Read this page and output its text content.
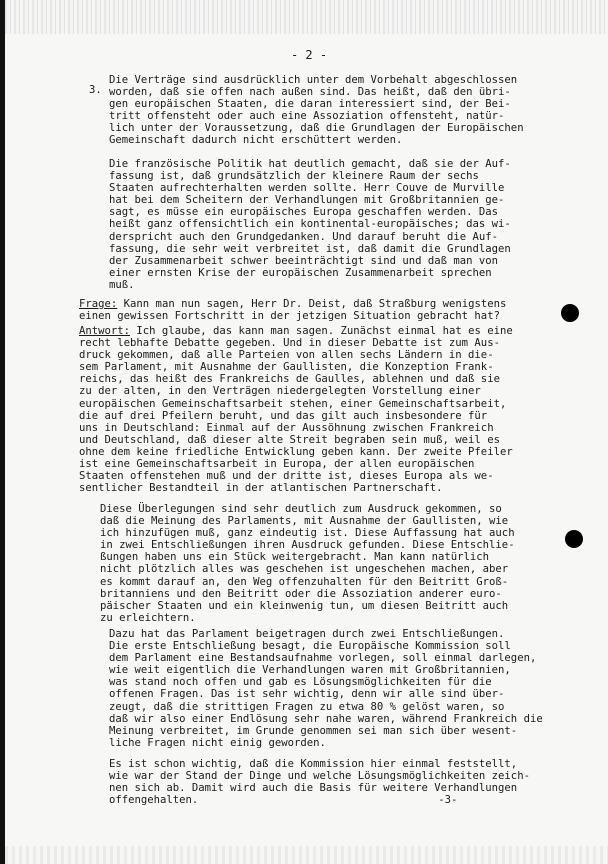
- 2 -
3.
Die Verträge sind ausdrücklich unter dem Vorbehalt abgeschlossen
worden, daß sie offen nach außen sind. Das heißt, daß den übri-
gen europäischen Staaten, die daran interessiert sind, der Bei-
tritt offensteht oder auch eine Assoziation offensteht, natür-
lich unter der Voraussetzung, daß die Grundlagen der Europäischen
Gemeinschaft dadurch nicht erschüttert werden.
Die französische Politik hat deutlich gemacht, daß sie der Auf-
fassung ist, daß grundsätzlich der kleinere Raum der sechs
Staaten aufrechterhalten werden sollte. Herr Couve de Murville
hat bei dem Scheitern der Verhandlungen mit Großbritannien ge-
sagt, es müsse ein europäisches Europa geschaffen werden. Das
heißt ganz offensichtlich ein kontinental-europäisches; das wi-
derspricht auch den Grundgedanken. Und darauf beruht die Auf-
fassung, die sehr weit verbreitet ist, daß damit die Grundlagen
der Zusammenarbeit schwer beeinträchtigt sind und daß man von
einer ernsten Krise der europäischen Zusammenarbeit sprechen
muß.
Frage: Kann man nun sagen, Herr Dr. Deist, daß Straßburg wenigstens
einen gewissen Fortschritt in der jetzigen Situation gebracht hat?
Antwort: Ich glaube, das kann man sagen. Zunächst einmal hat es eine
recht lebhafte Debatte gegeben. Und in dieser Debatte ist zum Aus-
druck gekommen, daß alle Parteien von allen sechs Ländern in die-
sem Parlament, mit Ausnahme der Gaullisten, die Konzeption Frank-
reichs, das heißt des Frankreichs de Gaulles, ablehnen und daß sie
zu der alten, in den Verträgen niedergelegten Vorstellung einer
europäischen Gemeinschaftsarbeit stehen, einer Gemeinschaftsarbeit,
die auf drei Pfeilern beruht, und das gilt auch insbesondere für
uns in Deutschland: Einmal auf der Aussöhnung zwischen Frankreich
und Deutschland, daß dieser alte Streit begraben sein muß, weil es
ohne dem keine friedliche Entwicklung geben kann. Der zweite Pfeiler
ist eine Gemeinschaftsarbeit in Europa, der allen europäischen
Staaten offenstehen muß und der dritte ist, dieses Europa als we-
sentlicher Bestandteil in der atlantischen Partnerschaft.
Diese Überlegungen sind sehr deutlich zum Ausdruck gekommen, so
daß die Meinung des Parlaments, mit Ausnahme der Gaullisten, wie
ich hinzufügen muß, ganz eindeutig ist. Diese Auffassung hat auch
in zwei Entschließungen ihren Ausdruck gefunden. Diese Entschlie-
ßungen haben uns ein Stück weitergebracht. Man kann natürlich
nicht plötzlich alles was geschehen ist ungeschehen machen, aber
es kommt darauf an, den Weg offenzuhalten für den Beitritt Groß-
britanniens und den Beitritt oder die Assoziation anderer euro-
päischer Staaten und ein kleinwenig tun, um diesen Beitritt auch
zu erleichtern.
Dazu hat das Parlament beigetragen durch zwei Entschließungen.
Die erste Entschließung besagt, die Europäische Kommission soll
dem Parlament eine Bestandsaufnahme vorlegen, soll einmal darlegen,
wie weit eigentlich die Verhandlungen waren mit Großbritannien,
was stand noch offen und gab es Lösungsmöglichkeiten für die
offenen Fragen. Das ist sehr wichtig, denn wir alle sind über-
zeugt, daß die strittigen Fragen zu etwa 80 % gelöst waren, so
daß wir also einer Endlösung sehr nahe waren, während Frankreich die
Meinung verbreitet, im Grunde genommen sei man sich über wesent-
liche Fragen nicht einig geworden.
Es ist schon wichtig, daß die Kommission hier einmal feststellt,
wie war der Stand der Dinge und welche Lösungsmöglichkeiten zeich-
nen sich ab. Damit wird auch die Basis für weitere Verhandlungen
offengehalten.	-3-
